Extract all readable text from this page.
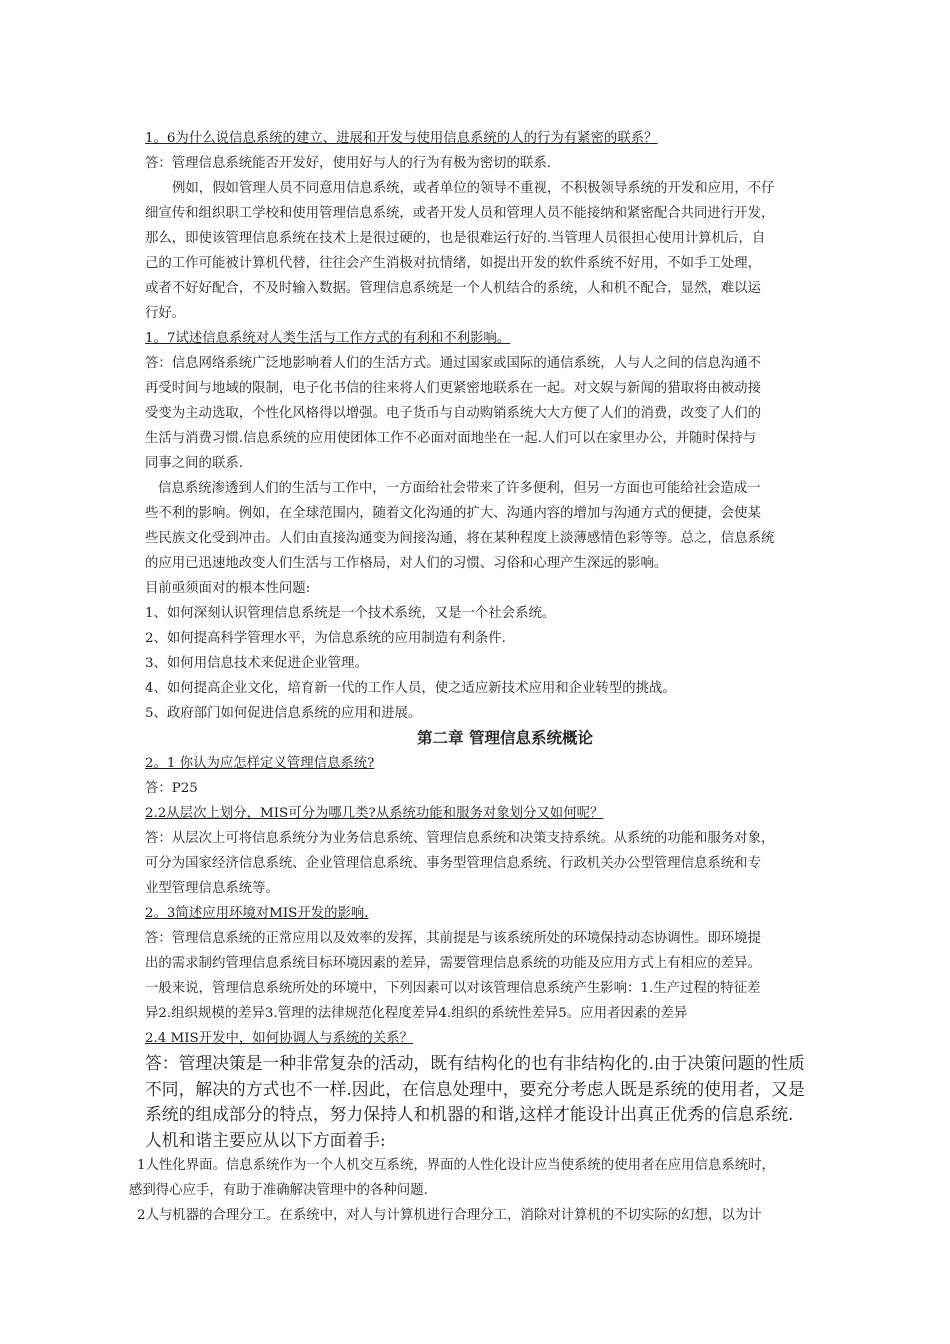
1。6为什么说信息系统的建立、进展和开发与使用信息系统的人的行为有紧密的联系？
答：管理信息系统能否开发好，使用好与人的行为有极为密切的联系.
例如，假如管理人员不同意用信息系统，或者单位的领导不重视，不积极领导系统的开发和应用，不仔
细宣传和组织职工学校和使用管理信息系统，或者开发人员和管理人员不能接纳和紧密配合共同进行开发，
那么，即使该管理信息系统在技术上是很过硬的，也是很难运行好的.当管理人员很担心使用计算机后，自
己的工作可能被计算机代替，往往会产生消极对抗情绪，如提出开发的软件系统不好用，不如手工处理，
或者不好好配合，不及时输入数据。管理信息系统是一个人机结合的系统，人和机不配合，显然，难以运
行好。
1。7试述信息系统对人类生活与工作方式的有利和不利影响。
答：信息网络系统广泛地影响着人们的生活方式。通过国家或国际的通信系统，人与人之间的信息沟通不
再受时间与地域的限制，电子化书信的往来将人们更紧密地联系在一起。对文娱与新闻的猎取将由被动接
受变为主动选取，个性化风格得以增强。电子货币与自动购销系统大大方便了人们的消费，改变了人们的
生活与消费习惯.信息系统的应用使团体工作不必面对面地坐在一起.人们可以在家里办公，并随时保持与
同事之间的联系.
信息系统渗透到人们的生活与工作中，一方面给社会带来了许多便利，但另一方面也可能给社会造成一
些不利的影响。例如，在全球范围内，随着文化沟通的扩大、沟通内容的增加与沟通方式的便捷，会使某
些民族文化受到冲击。人们由直接沟通变为间接沟通，将在某种程度上淡薄感情色彩等等。总之，信息系统
的应用已迅速地改变人们生活与工作格局，对人们的习惯、习俗和心理产生深远的影响。
目前亟须面对的根本性问题:
1、如何深刻认识管理信息系统是一个技术系统，又是一个社会系统。
2、如何提高科学管理水平，为信息系统的应用制造有利条件.
3、如何用信息技术来促进企业管理。
4、如何提高企业文化，培育新一代的工作人员，使之适应新技术应用和企业转型的挑战。
5、政府部门如何促进信息系统的应用和进展。
第二章 管理信息系统概论
2。1 你认为应怎样定义管理信息系统?
答：P25
2.2从层次上划分，MIS可分为哪几类?从系统功能和服务对象划分又如何呢？
答：从层次上可将信息系统分为业务信息系统、管理信息系统和决策支持系统。从系统的功能和服务对象，
可分为国家经济信息系统、企业管理信息系统、事务型管理信息系统、行政机关办公型管理信息系统和专
业型管理信息系统等。
2。3简述应用环境对MIS开发的影响.
答：管理信息系统的正常应用以及效率的发挥，其前提是与该系统所处的环境保持动态协调性。即环境提
出的需求制约管理信息系统目标环境因素的差异，需要管理信息系统的功能及应用方式上有相应的差异。
一般来说，管理信息系统所处的环境中，下列因素可以对该管理信息系统产生影响：1.生产过程的特征差
异2.组织规模的差异3.管理的法律规范化程度差异4.组织的系统性差异5。应用者因素的差异
2.4 MIS开发中，如何协调人与系统的关系？
答：管理决策是一种非常复杂的活动，既有结构化的也有非结构化的.由于决策问题的性质
不同，解决的方式也不一样.因此，在信息处理中，要充分考虑人既是系统的使用者，又是
系统的组成部分的特点，努力保持人和机器的和谐,这样才能设计出真正优秀的信息系统.
人机和谐主要应从以下方面着手:
1人性化界面。信息系统作为一个人机交互系统，界面的人性化设计应当使系统的使用者在应用信息系统时，
感到得心应手，有助于准确解决管理中的各种问题.
2人与机器的合理分工。在系统中，对人与计算机进行合理分工，消除对计算机的不切实际的幻想，以为计
